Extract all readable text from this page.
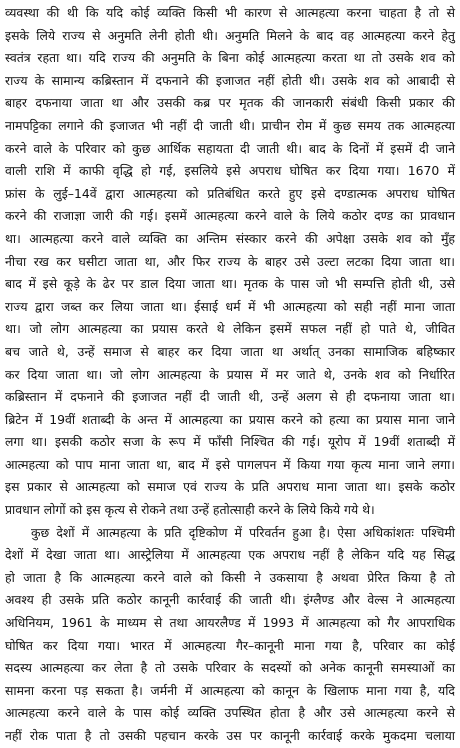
व्यवस्था की थी कि यदि कोई व्यक्ति किसी भी कारण से आत्महत्या करना चाहता है तो से
इसके लिये राज्य से अनुमति लेनी होती थी। अनुमति मिलने के बाद वह आत्महत्या करने हेतु
स्वतंत्र रहता था। यदि राज्य की अनुमति के बिना कोई आत्महत्या करता था तो उसके शव को
राज्य के सामान्य कब्रिस्तान में दफनाने की इजाजत नहीं होती थी। उसके शव को आबादी से
बाहर दफनाया जाता था और उसकी कब्र पर मृतक की जानकारी संबंधी किसी प्रकार की
नामपट्टिका लगाने की इजाजत भी नहीं दी जाती थी। प्राचीन रोम में कुछ समय तक आत्महत्या
करने वाले के परिवार को कुछ आर्थिक सहायता दी जाती थी। बाद के दिनों में इसमें दी जाने
वाली राशि में काफी वृद्धि हो गई, इसलिये इसे अपराध घोषित कर दिया गया। 1670 में
फ्रांस के लुई–14वें द्वारा आत्महत्या को प्रतिबंधित करते हुए इसे दण्डात्मक अपराध घोषित
करने की राजाज्ञा जारी की गई। इसमें आत्महत्या करने वाले के लिये कठोर दण्ड का प्रावधान
था। आत्महत्या करने वाले व्यक्ति का अन्तिम संस्कार करने की अपेक्षा उसके शव को मुँह
नीचा रख कर घसीटा जाता था, और फिर राज्य के बाहर उसे उल्टा लटका दिया जाता था।
बाद में इसे कूड़े के ढेर पर डाल दिया जाता था। मृतक के पास जो भी सम्पत्ति होती थी, उसे
राज्य द्वारा जब्त कर लिया जाता था। ईसाई धर्म में भी आत्महत्या को सही नहीं माना जाता
था। जो लोग आत्महत्या का प्रयास करते थे लेकिन इसमें सफल नहीं हो पाते थे, जीवित
बच जाते थे, उन्हें समाज से बाहर कर दिया जाता था अर्थात् उनका सामाजिक बहिष्कार
कर दिया जाता था। जो लोग आत्महत्या के प्रयास में मर जाते थे, उनके शव को निर्धारित
कब्रिस्तान में दफनाने की इजाजत नहीं दी जाती थी, उन्हें अलग से ही दफनाया जाता था।
ब्रिटेन में 19वीं शताब्दी के अन्त में आत्महत्या का प्रयास करने को हत्या का प्रयास माना जाने
लगा था। इसकी कठोर सजा के रूप में फाँसी निश्चित की गई। यूरोप में 19वीं शताब्दी में
आत्महत्या को पाप माना जाता था, बाद में इसे पागलपन में किया गया कृत्य माना जाने लगा।
इस प्रकार से आत्महत्या को समाज एवं राज्य के प्रति अपराध माना जाता था। इसके कठोर
प्रावधान लोगों को इस कृत्य से रोकने तथा उन्हें हतोत्साही करने के लिये किये गये थे।
कुछ देशों में आत्महत्या के प्रति दृष्टिकोण में परिवर्तन हुआ है। ऐसा अधिकांशतः पश्चिमी
देशों में देखा जाता था। आस्ट्रेलिया में आत्महत्या एक अपराध नहीं है लेकिन यदि यह सिद्ध
हो जाता है कि आत्महत्या करने वाले को किसी ने उकसाया है अथवा प्रेरित किया है तो
अवश्य ही उसके प्रति कठोर कानूनी कार्रवाई की जाती थी। इंग्लैण्ड और वेल्स ने आत्महत्या
अधिनियम, 1961 के माध्यम से तथा आयरलैण्ड में 1993 में आत्महत्या को गैर आपराधिक
घोषित कर दिया गया। भारत में आत्महत्या गैर–कानूनी माना गया है, परिवार का कोई
सदस्य आत्महत्या कर लेता है तो उसके परिवार के सदस्यों को अनेक कानूनी समस्याओं का
सामना करना पड़ सकता है। जर्मनी में आत्महत्या को कानून के खिलाफ माना गया है, यदि
आत्महत्या करने वाले के पास कोई व्यक्ति उपस्थित होता है और उसे आत्महत्या करने से
नहीं रोक पाता है तो उसकी पहचान करके उस पर कानूनी कार्रवाई करके मुकदमा चलाया
